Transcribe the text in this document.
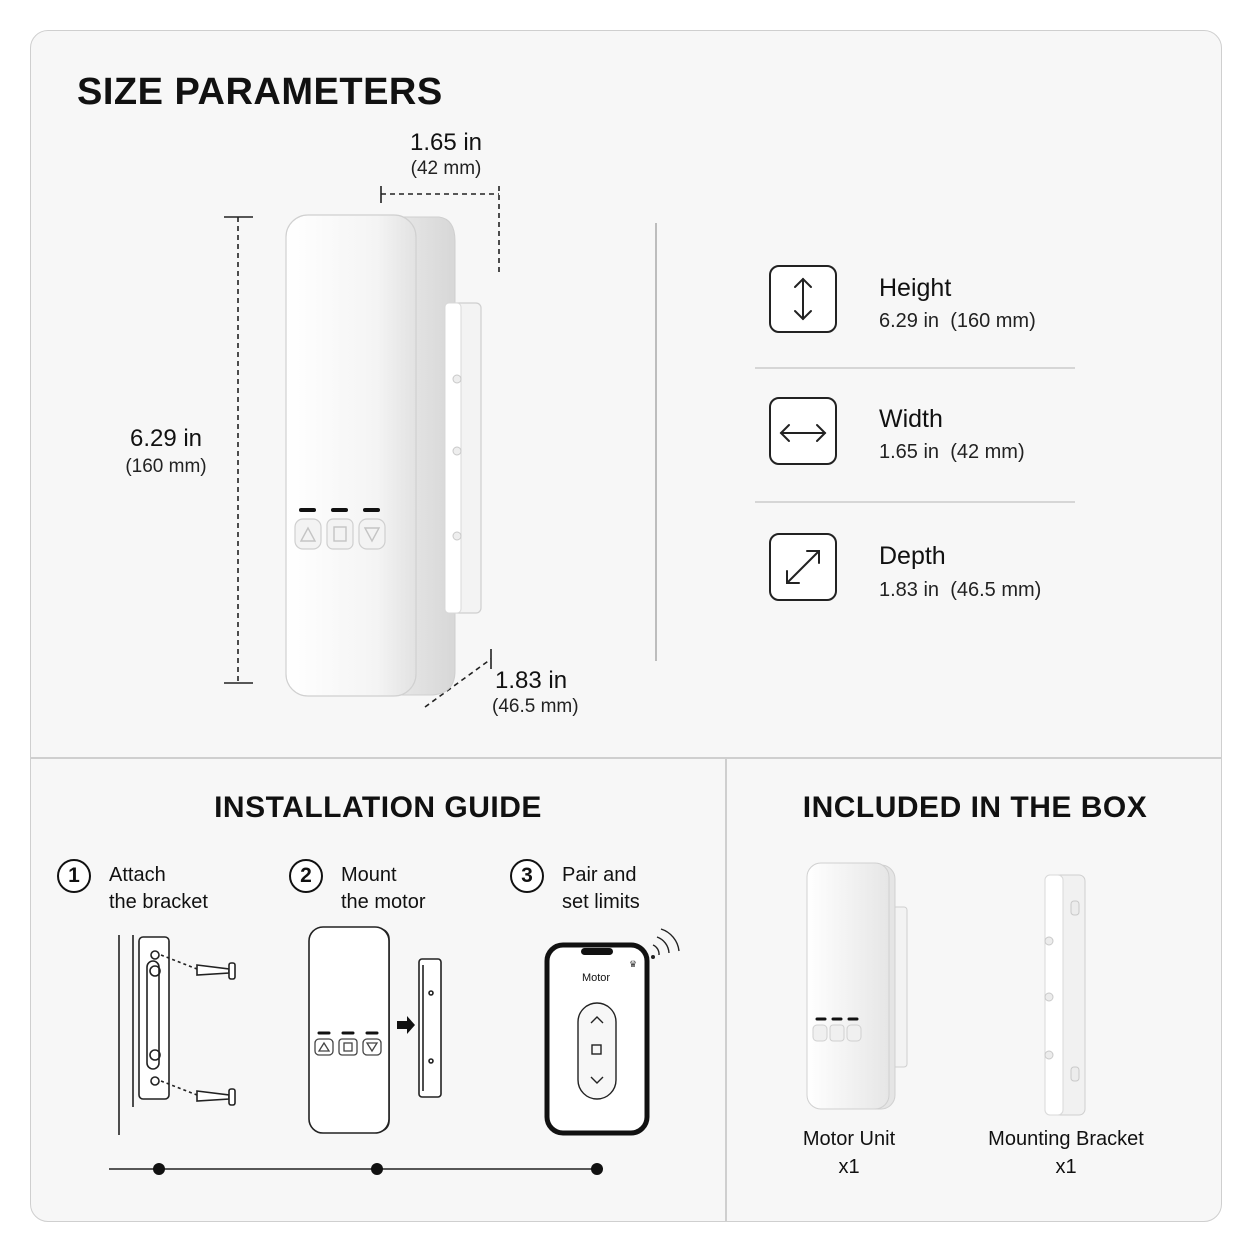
SIZE PARAMETERS
1.65 in
(42 mm)
6.29 in
(160 mm)
1.83 in
(46.5 mm)
Height
6.29 in (160 mm)
Width
1.65 in (42 mm)
Depth
1.83 in (46.5 mm)
INSTALLATION GUIDE
1	Attach
the bracket
2	Mount
the motor
3	Pair and
set limits
♛
Motor
INCLUDED IN THE BOX
Motor Unit
x1
Mounting Bracket
x1
